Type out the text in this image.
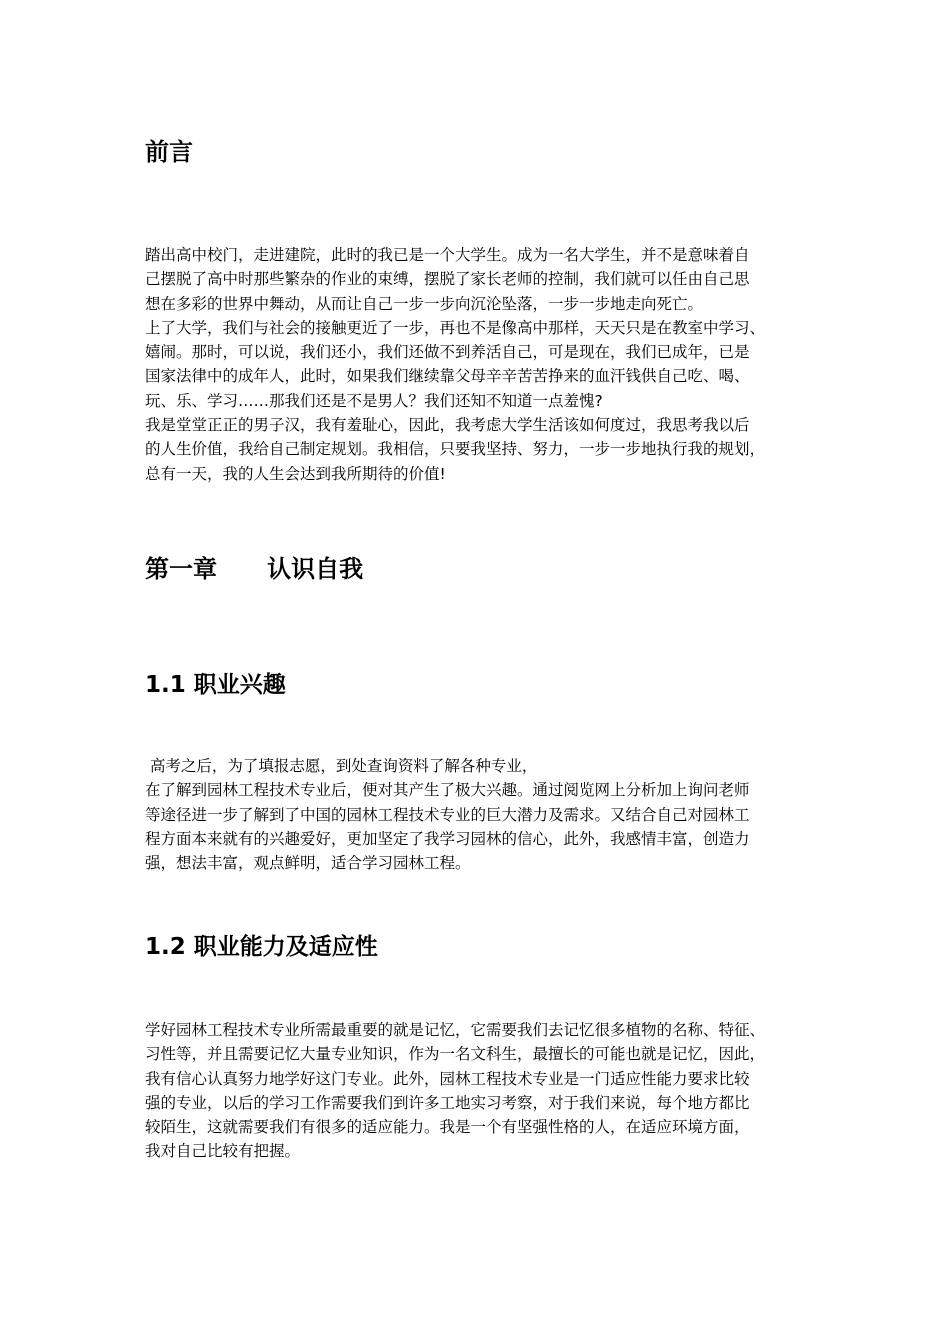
前言
踏出高中校门，走进建院，此时的我已是一个大学生。成为一名大学生，并不是意味着自
己摆脱了高中时那些繁杂的作业的束缚，摆脱了家长老师的控制，我们就可以任由自己思
想在多彩的世界中舞动，从而让自己一步一步向沉沦坠落，一步一步地走向死亡。
上了大学，我们与社会的接触更近了一步，再也不是像高中那样，天天只是在教室中学习、
嬉闹。那时，可以说，我们还小，我们还做不到养活自己，可是现在，我们已成年，已是
国家法律中的成年人，此时，如果我们继续靠父母辛辛苦苦挣来的血汗钱供自己吃、喝、
玩、乐、学习……那我们还是不是男人？我们还知不知道一点羞愧?
我是堂堂正正的男子汉，我有羞耻心，因此，我考虑大学生活该如何度过，我思考我以后
的人生价值，我给自己制定规划。我相信，只要我坚持、努力，一步一步地执行我的规划，
总有一天，我的人生会达到我所期待的价值!
第一章      认识自我
1.1 职业兴趣
高考之后，为了填报志愿，到处查询资料了解各种专业，
在了解到园林工程技术专业后，便对其产生了极大兴趣。通过阅览网上分析加上询问老师
等途径进一步了解到了中国的园林工程技术专业的巨大潜力及需求。又结合自己对园林工
程方面本来就有的兴趣爱好，更加坚定了我学习园林的信心，此外，我感情丰富，创造力
强，想法丰富，观点鲜明，适合学习园林工程。
1.2 职业能力及适应性
学好园林工程技术专业所需最重要的就是记忆，它需要我们去记忆很多植物的名称、特征、
习性等，并且需要记忆大量专业知识，作为一名文科生，最擅长的可能也就是记忆，因此，
我有信心认真努力地学好这门专业。此外，园林工程技术专业是一门适应性能力要求比较
强的专业，以后的学习工作需要我们到许多工地实习考察，对于我们来说，每个地方都比
较陌生，这就需要我们有很多的适应能力。我是一个有坚强性格的人，在适应环境方面，
我对自己比较有把握。
